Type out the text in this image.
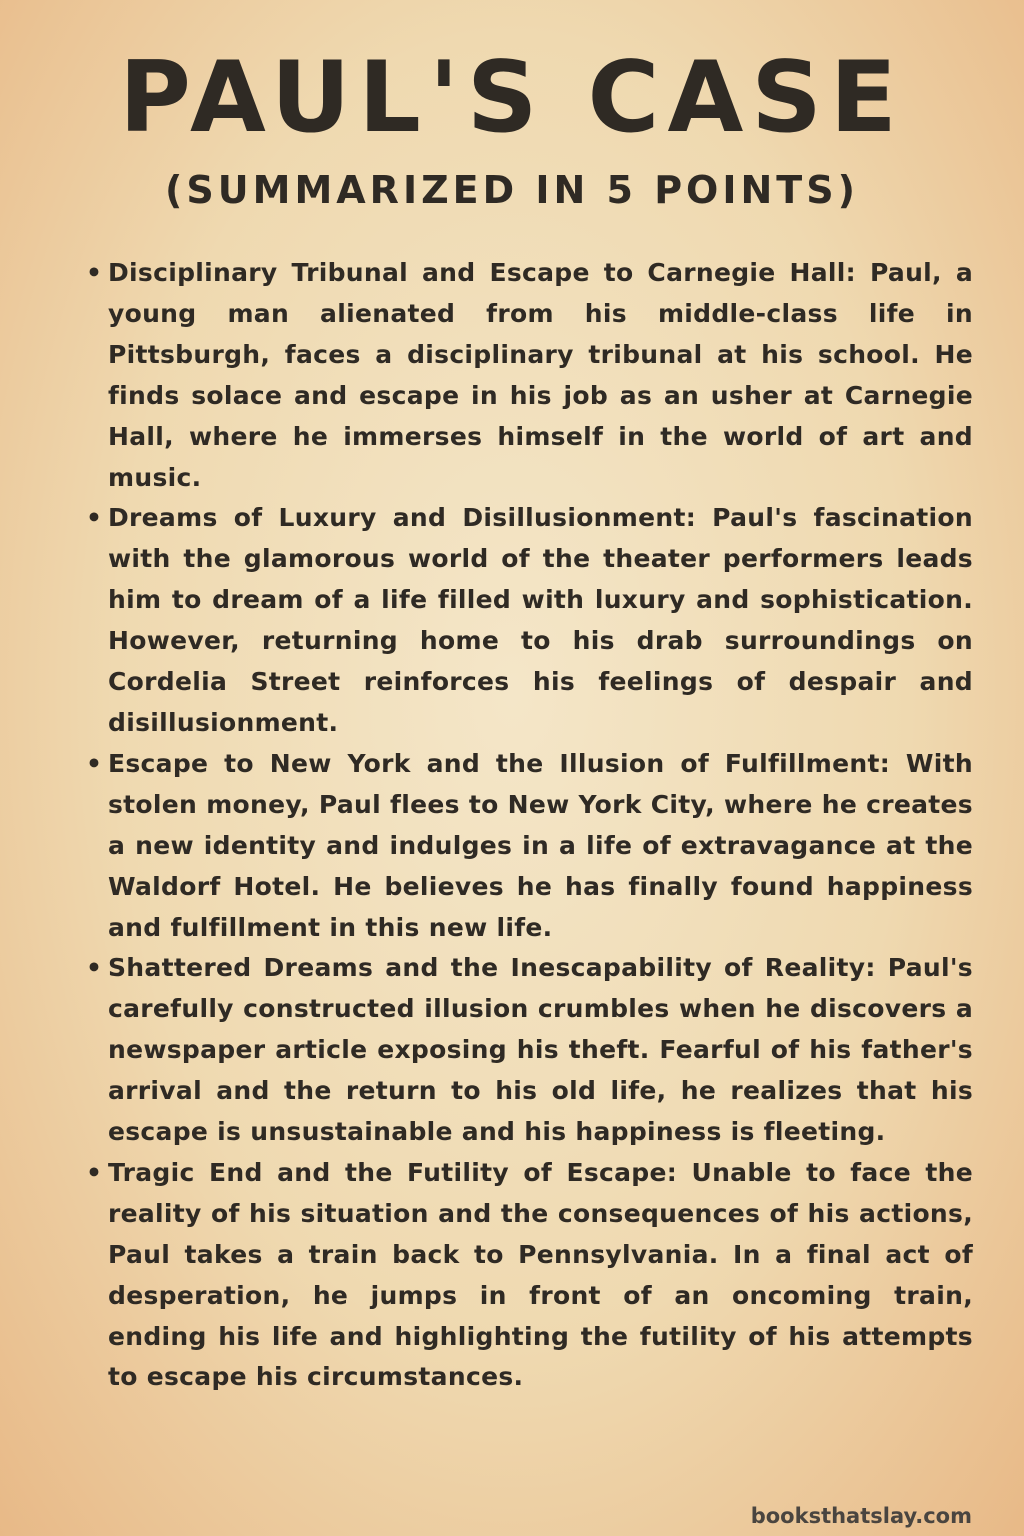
PAUL'S CASE
(SUMMARIZED IN 5 POINTS)
• Disciplinary Tribunal and Escape to Carnegie Hall: Paul, a young man alienated from his middle-class life in Pittsburgh, faces a disciplinary tribunal at his school. He finds solace and escape in his job as an usher at Carnegie Hall, where he immerses himself in the world of art and music.
• Dreams of Luxury and Disillusionment: Paul's fascination with the glamorous world of the theater performers leads him to dream of a life filled with luxury and sophistication. However, returning home to his drab surroundings on Cordelia Street reinforces his feelings of despair and disillusionment.
• Escape to New York and the Illusion of Fulfillment: With stolen money, Paul flees to New York City, where he creates a new identity and indulges in a life of extravagance at the Waldorf Hotel. He believes he has finally found happiness and fulfillment in this new life.
• Shattered Dreams and the Inescapability of Reality: Paul's carefully constructed illusion crumbles when he discovers a newspaper article exposing his theft. Fearful of his father's arrival and the return to his old life, he realizes that his escape is unsustainable and his happiness is fleeting.
• Tragic End and the Futility of Escape: Unable to face the reality of his situation and the consequences of his actions, Paul takes a train back to Pennsylvania. In a final act of desperation, he jumps in front of an oncoming train, ending his life and highlighting the futility of his attempts to escape his circumstances.
booksthatslay.com
